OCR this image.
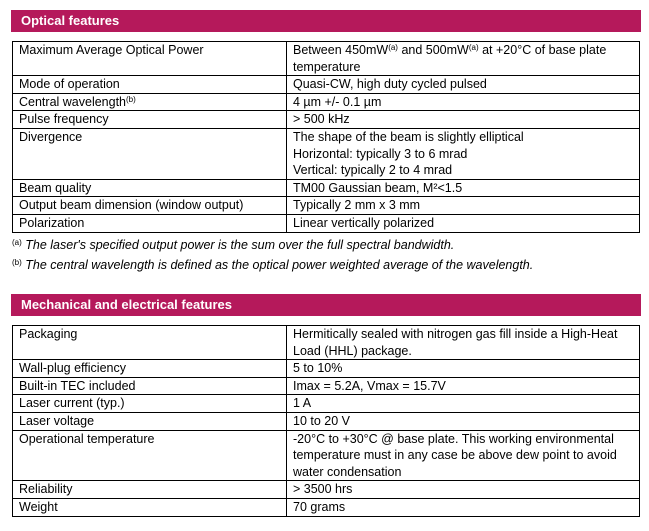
Optical features
Maximum Average Optical Power	Between $450mW^{(a)}$ and $500mW^{(a)}$ at +20°C of base plate
temperature
Mode of operation	Quasi-CW, high duty cycled pulsed
Central wavelength$^{(b)}$	4 µm +/- 0.1 µm
Pulse frequency	> 500 kHz
Divergence	The shape of the beam is slightly elliptical
Horizontal: typically 3 to 6 mrad
Vertical: typically 2 to 4 mrad
Beam quality	TM00 Gaussian beam, M²<1.5
Output beam dimension (window output)	Typically 2 mm x 3 mm
Polarization	Linear vertically polarized
$^{(a)}$ The laser's specified output power is the sum over the full spectral bandwidth.
$^{(b)}$ The central wavelength is defined as the optical power weighted average of the wavelength.
Mechanical and electrical features
Packaging	Hermitically sealed with nitrogen gas fill inside a High-Heat
Load (HHL) package.
Wall-plug efficiency	5 to 10%
Built-in TEC included	Imax = 5.2A, Vmax = 15.7V
Laser current (typ.)	1 A
Laser voltage	10 to 20 V
Operational temperature	-20°C to +30°C @ base plate. This working environmental
temperature must in any case be above dew point to avoid
water condensation
Reliability	> 3500 hrs
Weight	70 grams
